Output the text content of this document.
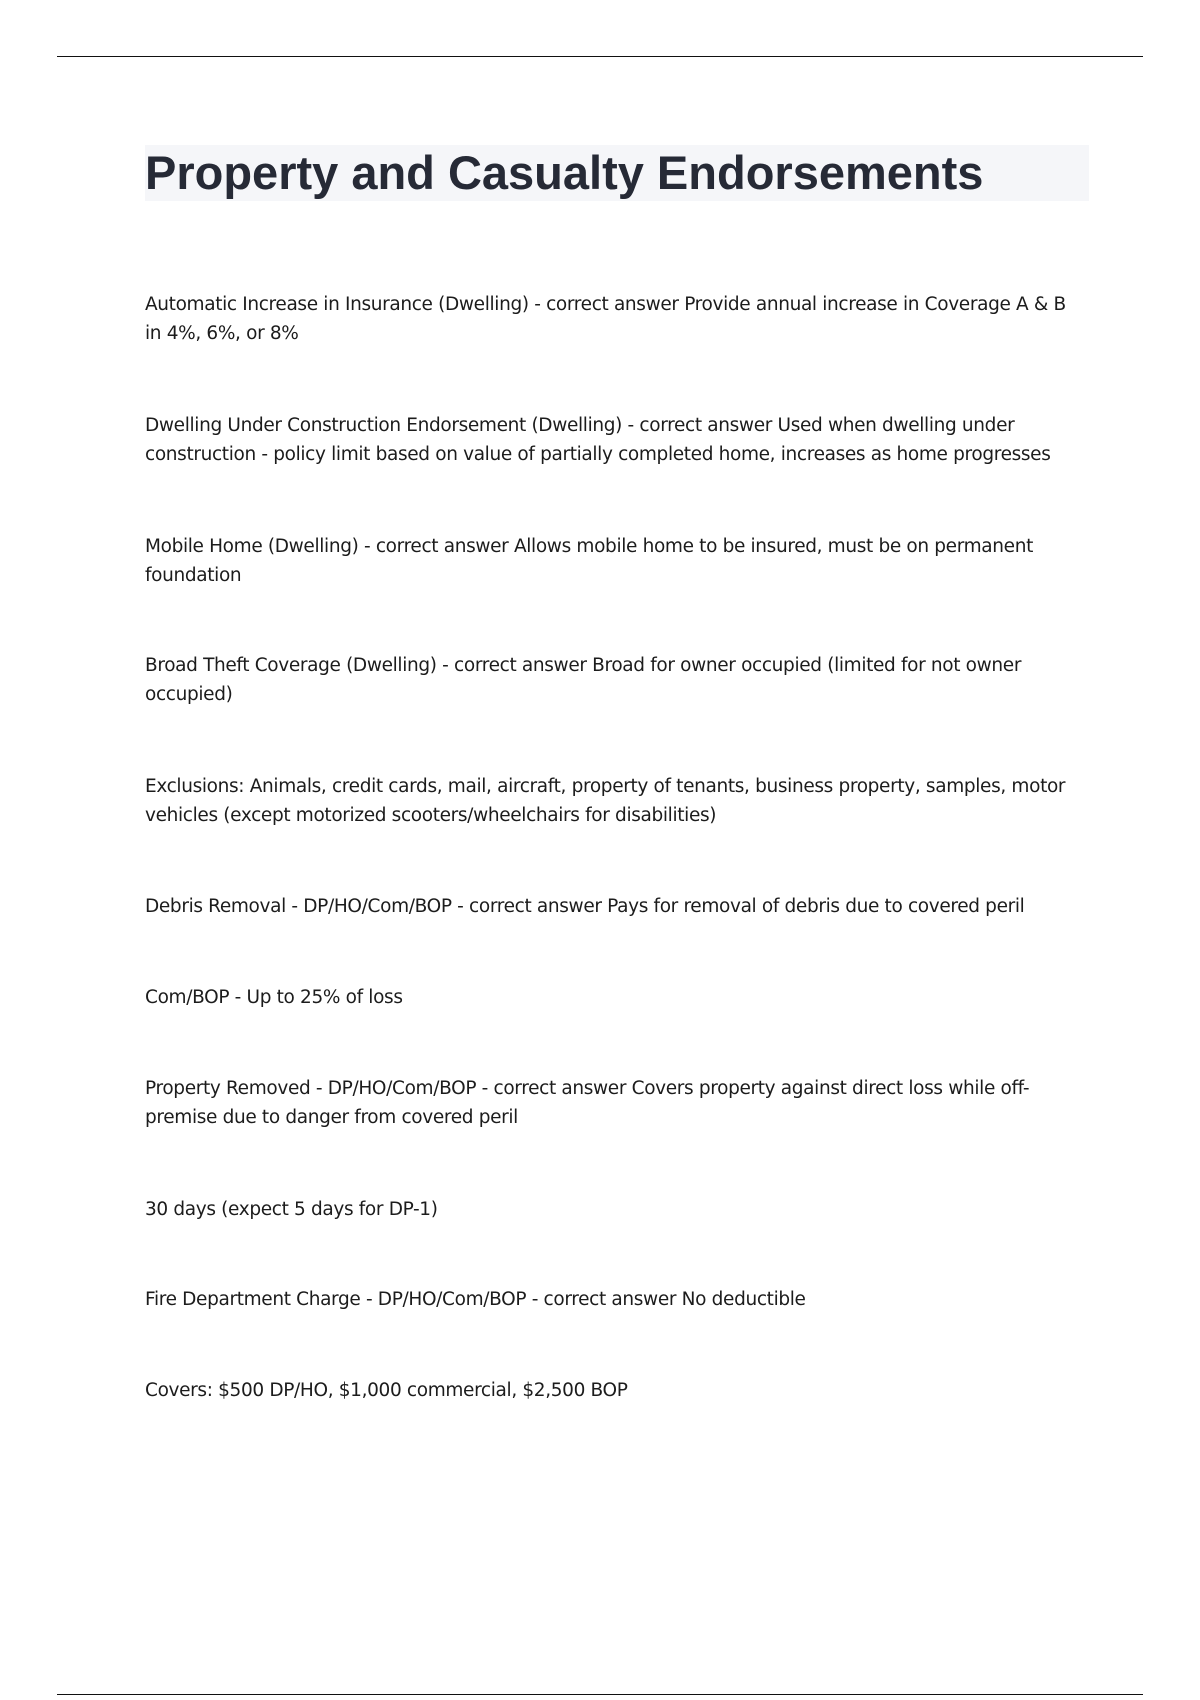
Property and Casualty Endorsements

Automatic Increase in Insurance (Dwelling) - correct answer Provide annual increase in Coverage A & B in 4%, 6%, or 8%

Dwelling Under Construction Endorsement (Dwelling) - correct answer Used when dwelling under construction - policy limit based on value of partially completed home, increases as home progresses

Mobile Home (Dwelling) - correct answer Allows mobile home to be insured, must be on permanent foundation

Broad Theft Coverage (Dwelling) - correct answer Broad for owner occupied (limited for not owner occupied)

Exclusions: Animals, credit cards, mail, aircraft, property of tenants, business property, samples, motor vehicles (except motorized scooters/wheelchairs for disabilities)

Debris Removal - DP/HO/Com/BOP - correct answer Pays for removal of debris due to covered peril

Com/BOP - Up to 25% of loss

Property Removed - DP/HO/Com/BOP - correct answer Covers property against direct loss while off-premise due to danger from covered peril

30 days (expect 5 days for DP-1)

Fire Department Charge - DP/HO/Com/BOP - correct answer No deductible

Covers: $500 DP/HO, $1,000 commercial, $2,500 BOP
